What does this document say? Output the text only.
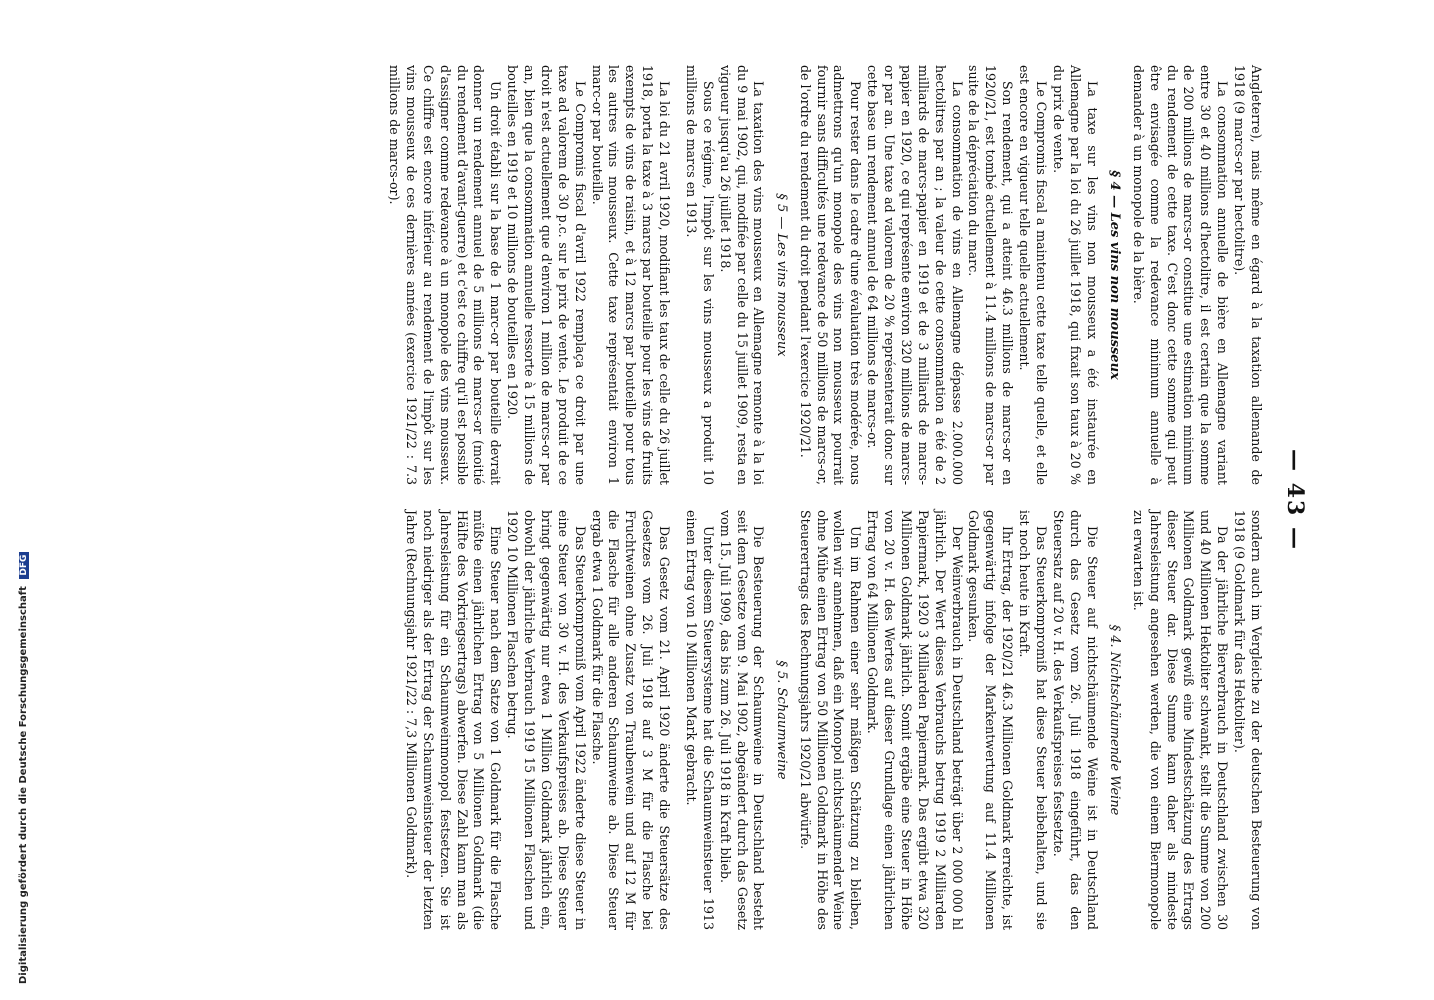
— 43 —

Angleterre), mais même en égard à la taxation allemande de 1918 (9 marcs-or par hectolitre).

La consommation annuelle de bière en Allemagne variant entre 30 et 40 millions d'hectolitre, il est certain que la somme de 200 millions de marcs-or constitue une estimation minimum du rendement de cette taxe. C'est donc cette somme qui peut être envisagée comme la redevance minimum annuelle à demander à un monopole de la bière.

§ 4 — Les vins non mousseux

La taxe sur les vins non mousseux a été instaurée en Allemagne par la loi du 26 juillet 1918, qui fixait son taux à 20 % du prix de vente.

Le Compromis fiscal a maintenu cette taxe telle quelle, et elle est encore en vigueur telle quelle actuellement.

Son rendement, qui a atteint 46.3 millions de marcs-or en 1920/21, est tombé actuellement à 11.4 millions de marcs-or par suite de la dépréciation du marc.

La consommation de vins en Allemagne dépasse 2.000.000 hectolitres par an ; la valeur de cette consommation a été de 2 milliards de marcs-papier en 1919 et de 3 milliards de marcs-papier en 1920, ce qui représente environ 320 millions de marcs-or par an. Une taxe ad valorem de 20 % représenterait donc sur cette base un rendement annuel de 64 millions de marcs-or.

Pour rester dans le cadre d'une évaluation très modérée, nous admettrons qu'un monopole des vins non mousseux pourrait fournir sans difficultés une redevance de 50 millions de marcs-or, de l'ordre du rendement du droit pendant l'exercice 1920/21.

§ 5 — Les vins mousseux

La taxation des vins mousseux en Allemagne remonte à la loi du 9 mai 1902, qui, modifiée par celle du 15 juillet 1909, resta en vigueur jusqu'au 26 juillet 1918.

Sous ce régime, l'impôt sur les vins mousseux a produit 10 millions de marcs en 1913.

La loi du 21 avril 1920, modifiant les taux de celle du 26 juillet 1918, porta la taxe à 3 marcs par bouteille pour les vins de fruits exempts de vins de raisin, et à 12 marcs par bouteille pour tous les autres vins mousseux. Cette taxe représentait environ 1 marc-or par bouteille.

Le Compromis fiscal d'avril 1922 remplaça ce droit par une taxe ad valorem de 30 p.c. sur le prix de vente. Le produit de ce droit n'est actuellement que d'environ 1 million de marcs-or par an, bien que la consommation annuelle ressorte à 15 millions de bouteilles en 1919 et 10 millions de bouteilles en 1920.

Un droit établi sur la base de 1 marc-or par bouteille devrait donner un rendement annuel de 5 millions de marcs-or (moitié du rendement d'avant-guerre) et c'est ce chiffre qu'il est possible d'assigner comme redevance à un monopole des vins mousseux. Ce chiffre est encore inférieur au rendement de l'impôt sur les vins mousseux de ces dernières années (exercice 1921/22 : 7.3 millions de marcs-or).

sondern auch im Vergleiche zu der deutschen Besteuerung von 1918 (9 Goldmark für das Hektoliter).

Da der jährliche Bierverbrauch in Deutschland zwischen 30 und 40 Millionen Hektoliter schwankt, stellt die Summe von 200 Millionen Goldmark gewiß eine Mindestschätzung des Ertrags dieser Steuer dar. Diese Summe kann daher als mindeste Jahresleistung angesehen werden, die von einem Biermonopole zu erwarten ist.

§ 4. Nichtschäumende Weine

Die Steuer auf nichtschäumende Weine ist in Deutschland durch das Gesetz vom 26. Juli 1918 eingeführt, das den Steuersatz auf 20 v. H. des Verkaufspreises festsetzte.

Das Steuerkompromiß hat diese Steuer beibehalten, und sie ist noch heute in Kraft.

Ihr Ertrag, der 1920/21 46.3 Millionen Goldmark erreichte, ist gegenwärtig infolge der Markentwertung auf 11.4 Millionen Goldmark gesunken.

Der Weinverbrauch in Deutschland beträgt über 2 000 000 hl jährlich. Der Wert dieses Verbrauchs betrug 1919 2 Milliarden Papiermark, 1920 3 Milliarden Papiermark. Das ergibt etwa 320 Millionen Goldmark jährlich. Somit ergäbe eine Steuer in Höhe von 20 v. H. des Wertes auf dieser Grundlage einen jährlichen Ertrag von 64 Millionen Goldmark.

Um im Rahmen einer sehr mäßigen Schätzung zu bleiben, wollen wir annehmen, daß ein Monopol nichtschäumender Weine ohne Mühe einen Ertrag von 50 Millionen Goldmark in Höhe des Steuerertrags des Rechnungsjahrs 1920/21 abwürfe.

§ 5. Schaumweine

Die Besteuerung der Schaumweine in Deutschland besteht seit dem Gesetze vom 9. Mai 1902, abgeändert durch das Gesetz vom 15. Juli 1909, das bis zum 26. Juli 1918 in Kraft blieb.

Unter diesem Steuersysteme hat die Schaumweinsteuer 1913 einen Ertrag von 10 Millionen Mark gebracht.

Das Gesetz vom 21. April 1920 änderte die Steuersätze des Gesetzes vom 26. Juli 1918 auf 3 M für die Flasche bei Fruchtweinen ohne Zusatz von Traubenwein und auf 12 M für die Flasche für alle anderen Schaumweine ab. Diese Steuer ergab etwa 1 Goldmark für die Flasche.

Das Steuerkompromiß vom April 1922 änderte diese Steuer in eine Steuer von 30 v. H. des Verkaufspreises ab. Diese Steuer bringt gegenwärtig nur etwa 1 Million Goldmark jährlich ein, obwohl der jährliche Verbrauch 1919 15 Millionen Flaschen und 1920 10 Millionen Flaschen betrug.

Eine Steuer nach dem Satze von 1 Goldmark für die Flasche müßte einen jährlichen Ertrag von 5 Millionen Goldmark (die Hälfte des Vorkriegsertrags) abwerfen. Diese Zahl kann man als Jahresleistung für ein Schaumweinmonopol festsetzen. Sie ist noch niedriger als der Ertrag der Schaumweinsteuer der letzten Jahre (Rechnungsjahr 1921/22 : 7,3 Millionen Goldmark).

Digitalisierung gefördert durch die Deutsche Forschungsgemeinschaft DFG
